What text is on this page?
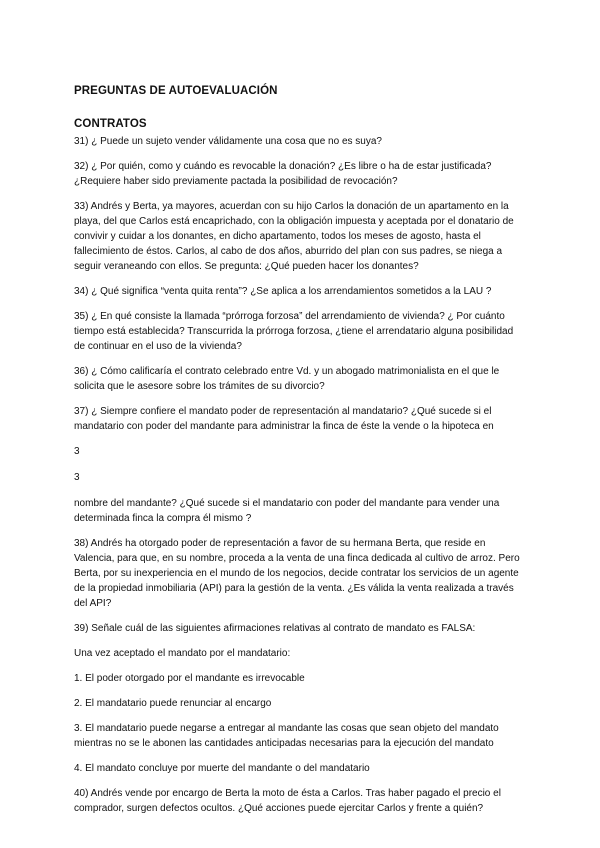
PREGUNTAS DE AUTOEVALUACIÓN
CONTRATOS
31) ¿ Puede un sujeto vender válidamente una cosa que no es suya?
32) ¿ Por quién, como y cuándo es revocable la donación? ¿Es libre o ha de estar justificada?
¿Requiere haber sido previamente pactada la posibilidad de revocación?
33) Andrés y Berta, ya mayores, acuerdan con su hijo Carlos la donación de un apartamento en la
playa, del que Carlos está encaprichado, con la obligación impuesta y aceptada por el donatario de
convivir y cuidar a los donantes, en dicho apartamento, todos los meses de agosto, hasta el
fallecimiento de éstos. Carlos, al cabo de dos años, aburrido del plan con sus padres, se niega a
seguir veraneando con ellos. Se pregunta: ¿Qué pueden hacer los donantes?
34) ¿ Qué significa “venta quita renta”? ¿Se aplica a los arrendamientos sometidos a la LAU ?
35) ¿ En qué consiste la llamada “prórroga forzosa” del arrendamiento de vivienda? ¿ Por cuánto
tiempo está establecida? Transcurrida la prórroga forzosa, ¿tiene el arrendatario alguna posibilidad
de continuar en el uso de la vivienda?
36) ¿ Cómo calificaría el contrato celebrado entre Vd. y un abogado matrimonialista en el que le
solicita que le asesore sobre los trámites de su divorcio?
37) ¿ Siempre confiere el mandato poder de representación al mandatario? ¿Qué sucede si el
mandatario con poder del mandante para administrar la finca de éste la vende o la hipoteca en
3
3
nombre del mandante? ¿Qué sucede si el mandatario con poder del mandante para vender una
determinada finca la compra él mismo ?
38) Andrés ha otorgado poder de representación a favor de su hermana Berta, que reside en
Valencia, para que, en su nombre, proceda a la venta de una finca dedicada al cultivo de arroz. Pero
Berta, por su inexperiencia en el mundo de los negocios, decide contratar los servicios de un agente
de la propiedad inmobiliaria (API) para la gestión de la venta. ¿Es válida la venta realizada a través
del API?
39) Señale cuál de las siguientes afirmaciones relativas al contrato de mandato es FALSA:
Una vez aceptado el mandato por el mandatario:
1. El poder otorgado por el mandante es irrevocable
2. El mandatario puede renunciar al encargo
3. El mandatario puede negarse a entregar al mandante las cosas que sean objeto del mandato
mientras no se le abonen las cantidades anticipadas necesarias para la ejecución del mandato
4. El mandato concluye por muerte del mandante o del mandatario
40) Andrés vende por encargo de Berta la moto de ésta a Carlos. Tras haber pagado el precio el
comprador, surgen defectos ocultos. ¿Qué acciones puede ejercitar Carlos y frente a quién?
